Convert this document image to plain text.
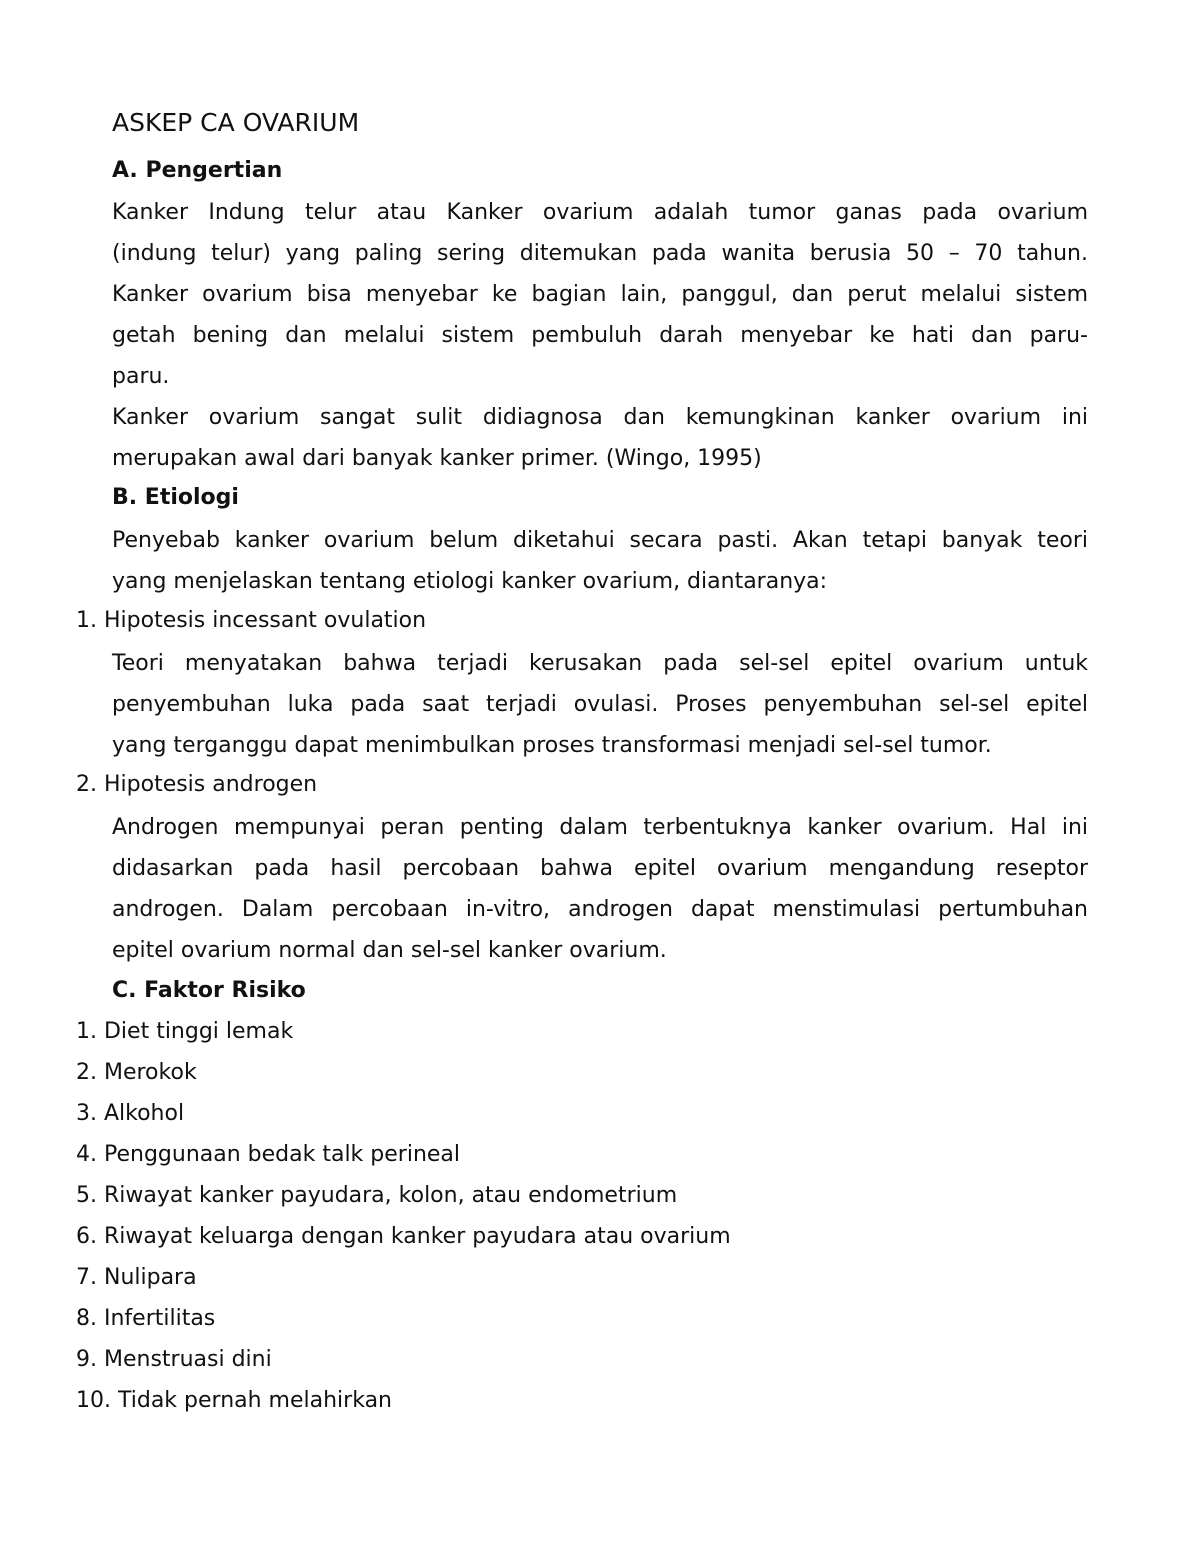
ASKEP CA OVARIUM
A. Pengertian
Kanker Indung telur atau Kanker ovarium adalah tumor ganas pada ovarium
(indung telur) yang paling sering ditemukan pada wanita berusia 50 – 70 tahun.
Kanker ovarium bisa menyebar ke bagian lain, panggul, dan perut melalui sistem
getah bening dan melalui sistem pembuluh darah menyebar ke hati dan paru-
paru.
Kanker ovarium sangat sulit didiagnosa dan kemungkinan kanker ovarium ini
merupakan awal dari banyak kanker primer. (Wingo, 1995)
B. Etiologi
Penyebab kanker ovarium belum diketahui secara pasti. Akan tetapi banyak teori
yang menjelaskan tentang etiologi kanker ovarium, diantaranya:
1. Hipotesis incessant ovulation
Teori menyatakan bahwa terjadi kerusakan pada sel-sel epitel ovarium untuk
penyembuhan luka pada saat terjadi ovulasi. Proses penyembuhan sel-sel epitel
yang terganggu dapat menimbulkan proses transformasi menjadi sel-sel tumor.
2. Hipotesis androgen
Androgen mempunyai peran penting dalam terbentuknya kanker ovarium. Hal ini
didasarkan pada hasil percobaan bahwa epitel ovarium mengandung reseptor
androgen. Dalam percobaan in-vitro, androgen dapat menstimulasi pertumbuhan
epitel ovarium normal dan sel-sel kanker ovarium.
C. Faktor Risiko
1. Diet tinggi lemak
2. Merokok
3. Alkohol
4. Penggunaan bedak talk perineal
5. Riwayat kanker payudara, kolon, atau endometrium
6. Riwayat keluarga dengan kanker payudara atau ovarium
7. Nulipara
8. Infertilitas
9. Menstruasi dini
10. Tidak pernah melahirkan
